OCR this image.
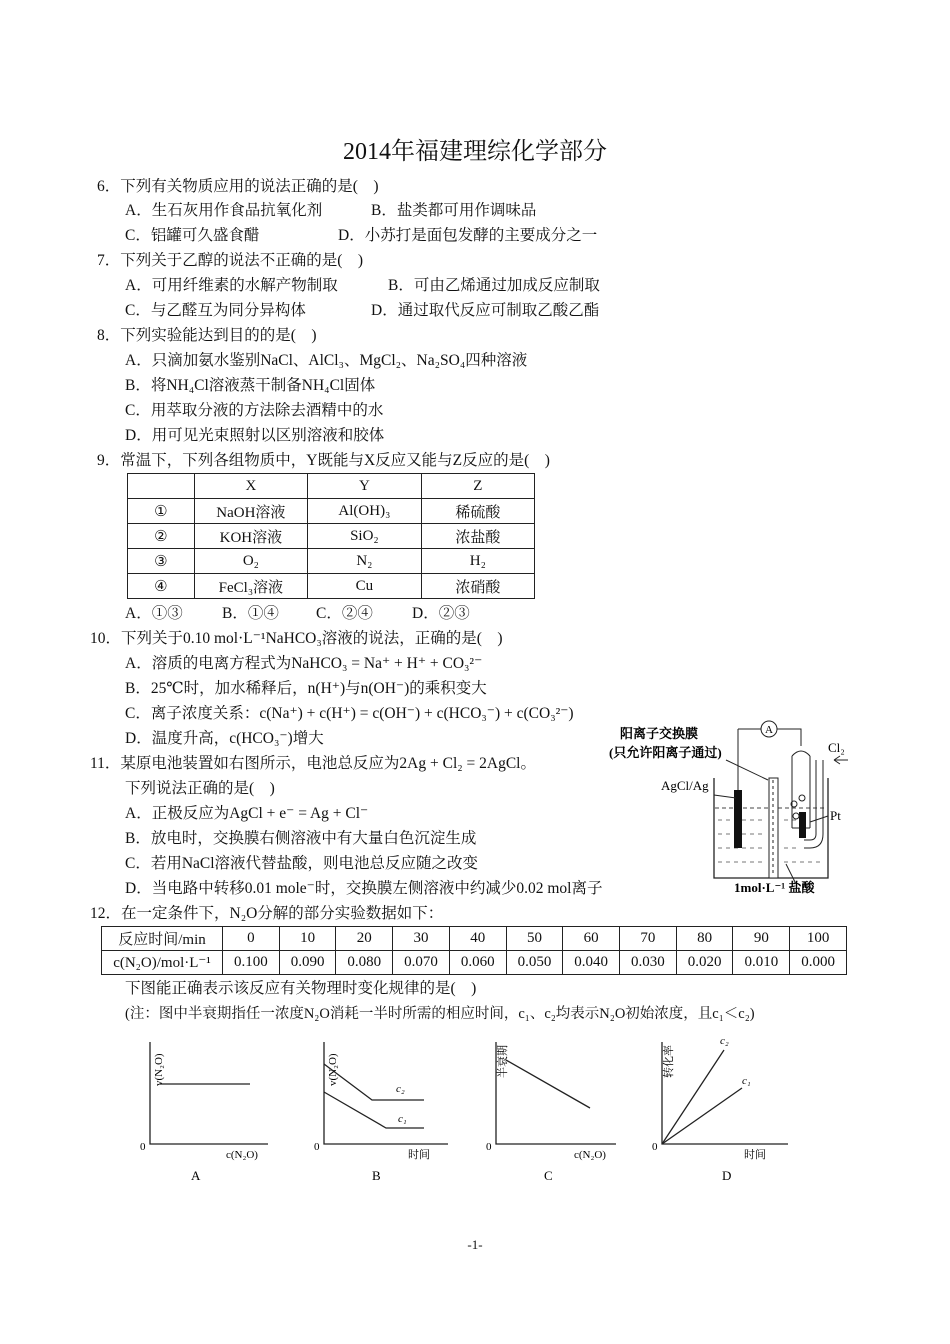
2014年福建理综化学部分
6．下列有关物质应用的说法正确的是(　)
A．生石灰用作食品抗氧化剂	B．盐类都可用作调味品
C．铝罐可久盛食醋	D．小苏打是面包发酵的主要成分之一
7．下列关于乙醇的说法不正确的是(　)
A．可用纤维素的水解产物制取	B．可由乙烯通过加成反应制取
C．与乙醛互为同分异构体	D．通过取代反应可制取乙酸乙酯
8．下列实验能达到目的的是(　)
A．只滴加氨水鉴别NaCl、AlCl₃、MgCl₂、Na₂SO₄四种溶液
B．将NH₄Cl溶液蒸干制备NH₄Cl固体
C．用萃取分液的方法除去酒精中的水
D．用可见光束照射以区别溶液和胶体
9．常温下，下列各组物质中，Y既能与X反应又能与Z反应的是(　)
	X	Y	Z
①	NaOH溶液	Al(OH)₃	稀硫酸
②	KOH溶液	SiO₂	浓盐酸
③	O₂	N₂	H₂
④	FeCl₃溶液	Cu	浓硝酸
A．①③	B．①④ C．②④	D．②③
10．下列关于0.10 mol·L⁻¹NaHCO₃溶液的说法，正确的是(　)
A．溶质的电离方程式为NaHCO₃ = Na⁺ + H⁺ + CO₃²⁻
B．25℃时，加水稀释后，n(H⁺)与n(OH⁻)的乘积变大
C．离子浓度关系：c(Na⁺) + c(H⁺) = c(OH⁻) + c(HCO₃⁻) + c(CO₃²⁻)
D．温度升高，c(HCO₃⁻)增大
11．某原电池装置如右图所示，电池总反应为2Ag + Cl₂ = 2AgCl。
下列说法正确的是(　)
A．正极反应为AgCl + e⁻ = Ag + Cl⁻
B．放电时，交换膜右侧溶液中有大量白色沉淀生成
C．若用NaCl溶液代替盐酸，则电池总反应随之改变
D．当电路中转移0.01 mole⁻时，交换膜左侧溶液中约减少0.02 mol离子
阳离子交换膜
(只允许阳离子通过)
A
AgCl/Ag
Cl₂
Pt
1mol·L⁻¹ 盐酸
12．在一定条件下，N₂O分解的部分实验数据如下：
反应时间/min	0	10	20	30	40	50	60	70	80	90	100
c(N₂O)/mol·L⁻¹	0.100	0.090	0.080	0.070	0.060	0.050	0.040	0.030	0.020	0.010	0.000
下图能正确表示该反应有关物理时变化规律的是(　)
(注：图中半衰期指任一浓度N₂O消耗一半时所需的相应时间，c₁、c₂均表示N₂O初始浓度，且c₁＜c₂)
v(N₂O)
0
c(N₂O)
A
v(N₂O)
0
时间
c₂
c₁
B
半衰期
0
c(N₂O)
C
转化率
0
时间
c₂
c₁
D
-1-
